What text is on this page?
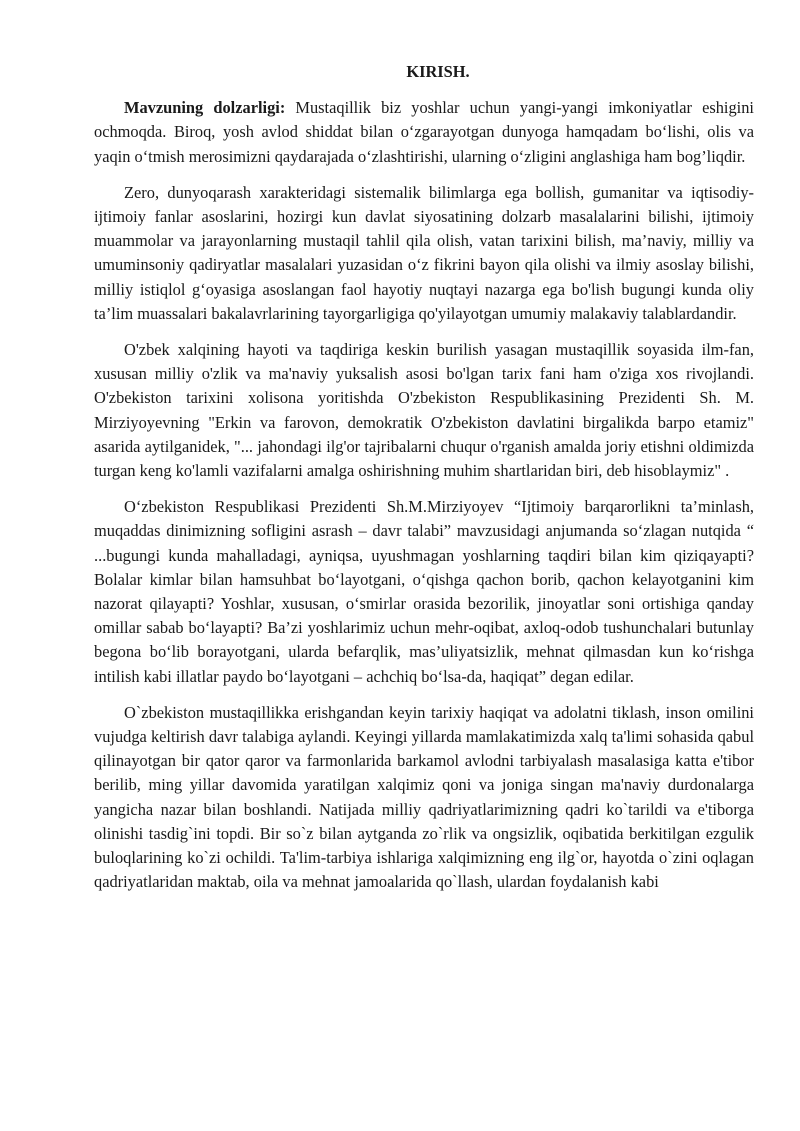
KIRISH.

Mavzuning dolzarligi: Mustaqillik biz yoshlar uchun yangi-yangi imkoniyatlar eshigini ochmoqda. Biroq, yosh avlod shiddat bilan o‘zgarayotgan dunyoga hamqadam bo‘lishi, olis va yaqin o‘tmish merosimizni qaydarajada o‘zlashtirishi, ularning o‘zligini anglashiga ham bog’liqdir.

Zero, dunyoqarash xarakteridagi sistemalik bilimlarga ega bollish, gumanitar va iqtisodiy-ijtimoiy fanlar asoslarini, hozirgi kun davlat siyosatining dolzarb masalalarini bilishi, ijtimoiy muammolar va jarayonlarning mustaqil tahlil qila olish, vatan tarixini bilish, ma’naviy, milliy va umuminsoniy qadiryatlar masalalari yuzasidan o‘z fikrini bayon qila olishi va ilmiy asoslay bilishi, milliy istiqlol g‘oyasiga asoslangan faol hayotiy nuqtayi nazarga ega bo'lish bugungi kunda oliy ta’lim muassalari bakalavrlarining tayorgarligiga qo'yilayotgan umumiy malakaviy talablardandir.

O'zbek xalqining hayoti va taqdiriga keskin burilish yasagan mustaqillik soyasida ilm-fan, xususan milliy o'zlik va ma'naviy yuksalish asosi bo'lgan tarix fani ham o'ziga xos rivojlandi. O'zbekiston tarixini xolisona yoritishda O'zbekiston Respublikasining Prezidenti Sh. M. Mirziyoyevning "Erkin va farovon, demokratik O'zbekiston davlatini birgalikda barpo etamiz" asarida aytilganidek, "... jahondagi ilg'or tajribalarni chuqur o'rganish amalda joriy etishni oldimizda turgan keng ko'lamli vazifalarni amalga oshirishning muhim shartlaridan biri, deb hisoblaymiz" .

O‘zbekiston Respublikasi Prezidenti Sh.M.Mirziyoyev “Ijtimoiy barqarorlikni ta’minlash, muqaddas dinimizning sofligini asrash – davr talabi” mavzusidagi anjumanda so‘zlagan nutqida “ ...bugungi kunda mahalladagi, ayniqsa, uyushmagan yoshlarning taqdiri bilan kim qiziqayapti? Bolalar kimlar bilan hamsuhbat bo‘layotgani, o‘qishga qachon borib, qachon kelayotganini kim nazorat qilayapti? Yoshlar, xususan, o‘smirlar orasida bezorilik, jinoyatlar soni ortishiga qanday omillar sabab bo‘layapti? Ba’zi yoshlarimiz uchun mehr-oqibat, axloq-odob tushunchalari butunlay begona bo‘lib borayotgani, ularda befarqlik, mas’uliyatsizlik, mehnat qilmasdan kun ko‘rishga intilish kabi illatlar paydo bo‘layotgani – achchiq bo‘lsa-da, haqiqat” degan edilar.

O`zbekiston mustaqillikka erishgandan keyin tarixiy haqiqat va adolatni tiklash, inson omilini vujudga keltirish davr talabiga aylandi. Keyingi yillarda mamlakatimizda xalq ta'limi sohasida qabul qilinayotgan bir qator qaror va farmonlarida barkamol avlodni tarbiyalash masalasiga katta e'tibor berilib, ming yillar davomida yaratilgan xalqimiz qoni va joniga singan ma'naviy durdonalarga yangicha nazar bilan boshlandi. Natijada milliy qadriyatlarimizning qadri ko`tarildi va e'tiborga olinishi tasdig`ini topdi. Bir so`z bilan aytganda zo`rlik va ongsizlik, oqibatida berkitilgan ezgulik buloqlarining ko`zi ochildi. Ta'lim-tarbiya ishlariga xalqimizning eng ilg`or, hayotda o`zini oqlagan qadriyatlaridan maktab, oila va mehnat jamoalarida qo`llash, ulardan foydalanish kabi
